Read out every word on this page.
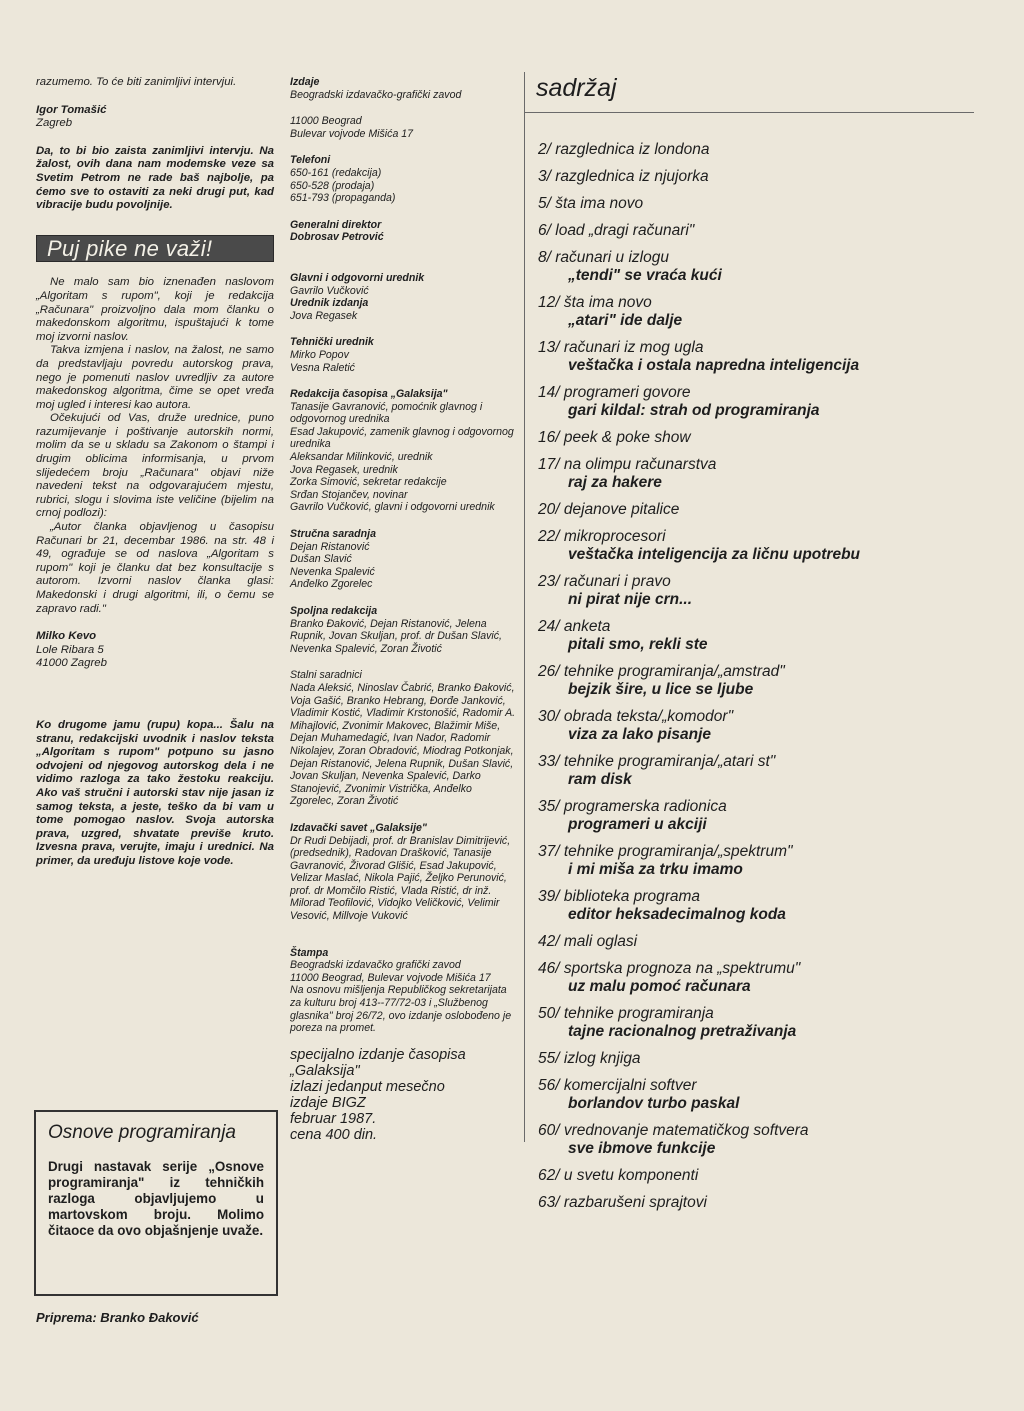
razumemo. To će biti zanimljivi intervjui.

Igor Tomašić

Zagreb

Da, to bi bio zaista zanimljivi intervju. Na žalost, ovih dana nam modemske veze sa Svetim Petrom ne rade baš najbolje, pa ćemo sve to ostaviti za neki drugi put, kad vibracije budu povoljnije.

Puj pike ne važi!

Ne malo sam bio iznenađen naslovom „Algoritam s rupom", koji je redakcija „Računara" proizvoljno dala mom članku o makedonskom algoritmu, ispuštajući k tome moj izvorni naslov.

Takva izmjena i naslov, na žalost, ne samo da predstavljaju povredu autorskog prava, nego je pomenuti naslov uvredljiv za autore makedonskog algoritma, čime se opet vređa moj ugled i interesi kao autora.

Očekujući od Vas, druže urednice, puno razumijevanje i poštivanje autorskih normi, molim da se u skladu sa Zakonom o štampi i drugim oblicima informisanja, u prvom slijedećem broju „Računara" objavi niže navedeni tekst na odgovarajućem mjestu, rubrici, slogu i slovima iste veličine (bijelim na crnoj podlozi):

„Autor članka objavljenog u časopisu Računari br 21, decembar 1986. na str. 48 i 49, ograđuje se od naslova „Algoritam s rupom" koji je članku dat bez konsultacije s autorom. Izvorni naslov članka glasi: Makedonski i drugi algoritmi, ili, o čemu se zapravo radi."

Milko Kevo

Lole Ribara 5

41000 Zagreb

Ko drugome jamu (rupu) kopa... Šalu na stranu, redakcijski uvodnik i naslov teksta „Algoritam s rupom" potpuno su jasno odvojeni od njegovog autorskog dela i ne vidimo razloga za tako žestoku reakciju. Ako vaš stručni i autorski stav nije jasan iz samog teksta, a jeste, teško da bi vam u tome pomogao naslov. Svoja autorska prava, uzgred, shvatate previše kruto. Izvesna prava, verujte, imaju i urednici. Na primer, da uređuju listove koje vode.

Osnove programiranja
Drugi nastavak serije „Osnove programiranja" iz tehničkih razloga objavljujemo u martovskom broju. Molimo čitaoce da ovo objašnjenje uvaže.
Priprema: Branko Đaković

Izdaje

Beogradski izdavačko-grafički zavod

11000 Beograd
Bulevar vojvode Mišića 17

Telefoni

650-161 (redakcija)
650-528 (prodaja)
651-793 (propaganda)

Generalni direktor

Dobrosav Petrović

Glavni i odgovorni urednik

Gavrilo Vučković

Urednik izdanja

Jova Regasek

Tehnički urednik

Mirko Popov
Vesna Raletić

Redakcija časopisa „Galaksija"

Tanasije Gavranović, pomoćnik glavnog i odgovornog urednika
Esad Jakupović, zamenik glavnog i odgovornog urednika
Aleksandar Milinković, urednik
Jova Regasek, urednik
Zorka Simović, sekretar redakcije
Srđan Stojančev, novinar
Gavrilo Vučković, glavni i odgovorni urednik

Stručna saradnja

Dejan Ristanović
Dušan Slavić
Nevenka Spalević
Anđelko Zgorelec

Spoljna redakcija

Branko Đaković, Dejan Ristanović, Jelena Rupnik, Jovan Skuljan, prof. dr Dušan Slavić, Nevenka Spalević, Zoran Životić

Stalni saradnici

Nada Aleksić, Ninoslav Čabrić, Branko Đaković, Voja Gašić, Branko Hebrang, Đorđe Janković, Vladimir Kostić, Vladimir Krstonošić, Radomir A. Mihajlović, Zvonimir Makovec, Blažimir Miše, Dejan Muhamedagić, Ivan Nador, Radomir Nikolajev, Zoran Obradović, Miodrag Potkonjak, Dejan Ristanović, Jelena Rupnik, Dušan Slavić, Jovan Skuljan, Nevenka Spalević, Darko Stanojević, Zvonimir Vistrička, Anđelko Zgorelec, Zoran Životić

Izdavački savet „Galaksije"

Dr Rudi Debijadi, prof. dr Branislav Dimitrijević, (predsednik), Radovan Drašković, Tanasije Gavranović, Živorad Glišić, Esad Jakupović, Velizar Maslać, Nikola Pajić, Željko Perunović, prof. dr Momčilo Ristić, Vlada Ristić, dr inž. Milorad Teofilović, Vidojko Veličković, Velimir Vesović, Millvoje Vuković

Štampa

Beogradski izdavačko grafički zavod
11000 Beograd, Bulevar vojvode Mišića 17

Na osnovu mišljenja Republičkog sekretarijata za kulturu broj 413--77/72-03 i „Službenog glasnika" broj 26/72, ovo izdanje oslobođeno je poreza na promet.

specijalno izdanje časopisa „Galaksija"
izlazi jedanput mesečno
izdaje BIGZ
februar 1987.
cena 400 din.

sadržaj
2/ razglednica iz londona
3/ razglednica iz njujorka
5/ šta ima novo
6/ load „dragi računari"
8/ računari u izlogu
„tendi" se vraća kući
12/ šta ima novo
„atari" ide dalje
13/ računari iz mog ugla
veštačka i ostala napredna inteligencija
14/ programeri govore
gari kildal: strah od programiranja
16/ peek & poke show
17/ na olimpu računarstva
raj za hakere
20/ dejanove pitalice
22/ mikroprocesori
veštačka inteligencija za ličnu upotrebu
23/ računari i pravo
ni pirat nije crn...
24/ anketa
pitali smo, rekli ste
26/ tehnike programiranja/„amstrad"
bejzik šire, u lice se ljube
30/ obrada teksta/„komodor"
viza za lako pisanje
33/ tehnike programiranja/„atari st"
ram disk
35/ programerska radionica
programeri u akciji
37/ tehnike programiranja/„spektrum"
i mi miša za trku imamo
39/ biblioteka programa
editor heksadecimalnog koda
42/ mali oglasi
46/ sportska prognoza na „spektrumu"
uz malu pomoć računara
50/ tehnike programiranja
tajne racionalnog pretraživanja
55/ izlog knjiga
56/ komercijalni softver
borlandov turbo paskal
60/ vrednovanje matematičkog softvera
sve ibmove funkcije
62/ u svetu komponenti
63/ razbarušeni sprajtovi
